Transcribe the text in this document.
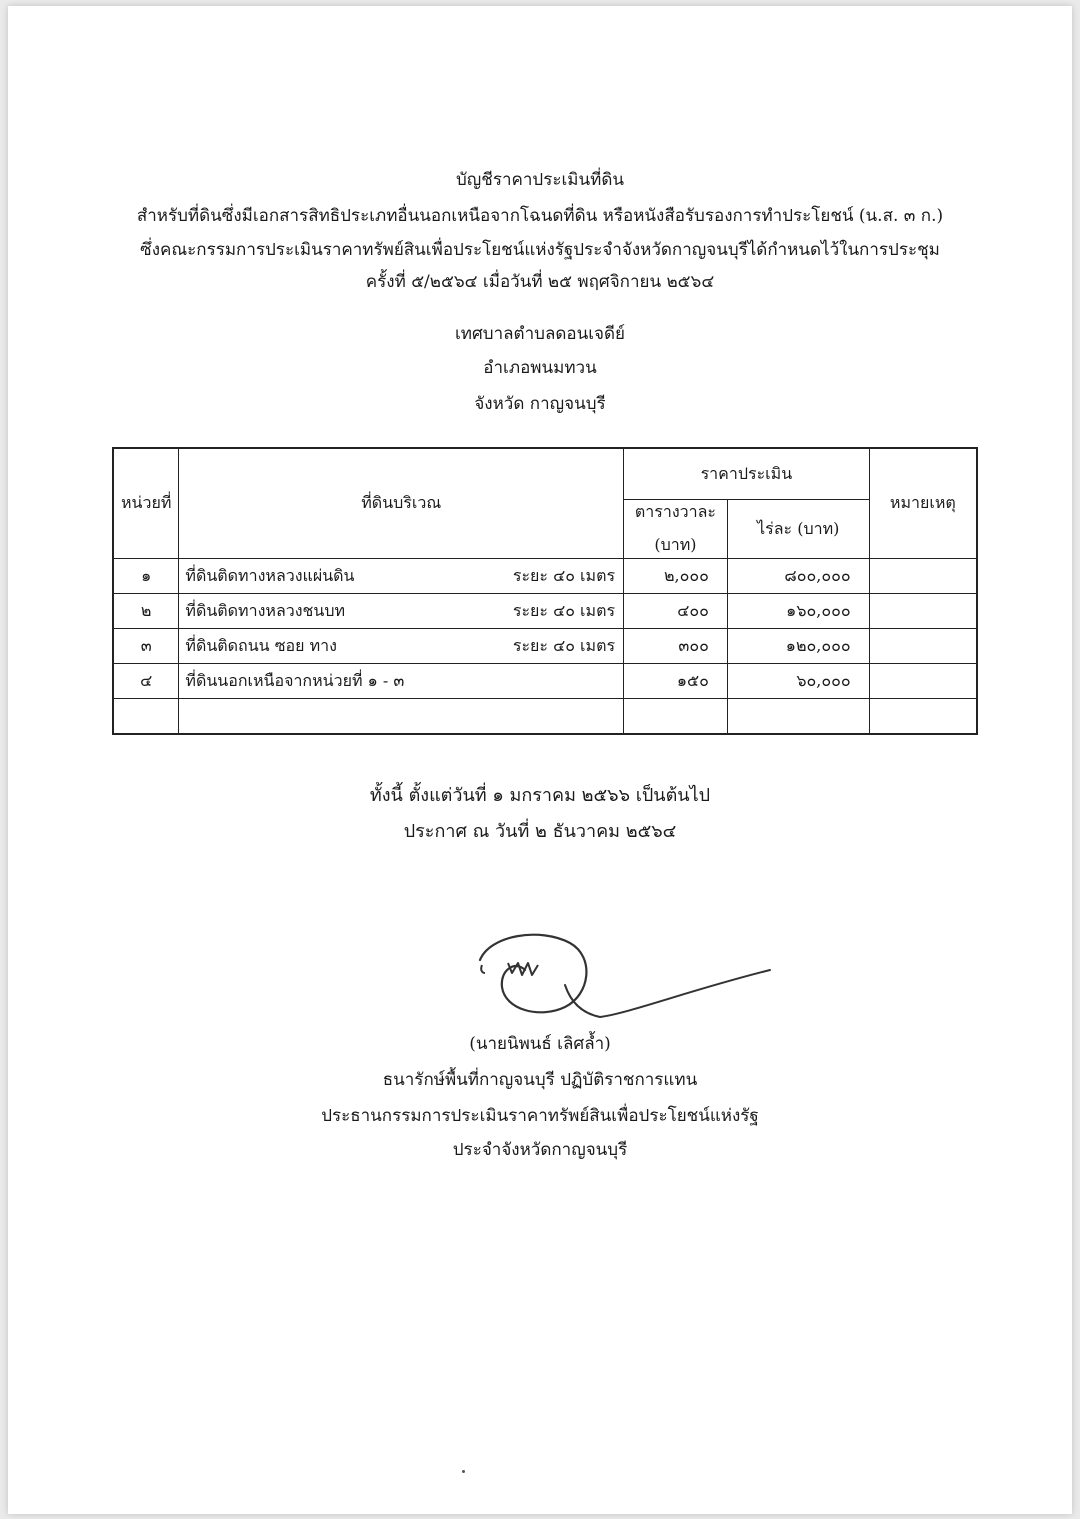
บัญชีราคาประเมินที่ดิน
สำหรับที่ดินซึ่งมีเอกสารสิทธิประเภทอื่นนอกเหนือจากโฉนดที่ดิน หรือหนังสือรับรองการทำประโยชน์ (น.ส. ๓ ก.)
ซึ่งคณะกรรมการประเมินราคาทรัพย์สินเพื่อประโยชน์แห่งรัฐประจำจังหวัดกาญจนบุรีได้กำหนดไว้ในการประชุม
ครั้งที่ ๕/๒๕๖๔ เมื่อวันที่ ๒๕ พฤศจิกายน ๒๕๖๔
เทศบาลตำบลดอนเจดีย์
อำเภอพนมทวน
จังหวัด กาญจนบุรี
หน่วยที่	ที่ดินบริเวณ	ราคาประเมิน		หมายเหตุ

		ตารางวาละ
(บาท)	ไร่ละ (บาท)	
๑	ที่ดินติดทางหลวงแผ่นดิน ระยะ ๔๐ เมตร	๒,๐๐๐	๘๐๐,๐๐๐	
๒	ที่ดินติดทางหลวงชนบท ระยะ ๔๐ เมตร	๔๐๐	๑๖๐,๐๐๐	
๓	ที่ดินติดถนน ซอย ทาง ระยะ ๔๐ เมตร	๓๐๐	๑๒๐,๐๐๐	
๔	ที่ดินนอกเหนือจากหน่วยที่ ๑ - ๓	๑๕๐	๖๐,๐๐๐	

ทั้งนี้ ตั้งแต่วันที่ ๑ มกราคม ๒๕๖๖ เป็นต้นไป
ประกาศ ณ วันที่ ๒ ธันวาคม ๒๕๖๔
(นายนิพนธ์ เลิศล้ำ)
ธนารักษ์พื้นที่กาญจนบุรี ปฏิบัติราชการแทน
ประธานกรรมการประเมินราคาทรัพย์สินเพื่อประโยชน์แห่งรัฐ
ประจำจังหวัดกาญจนบุรี
